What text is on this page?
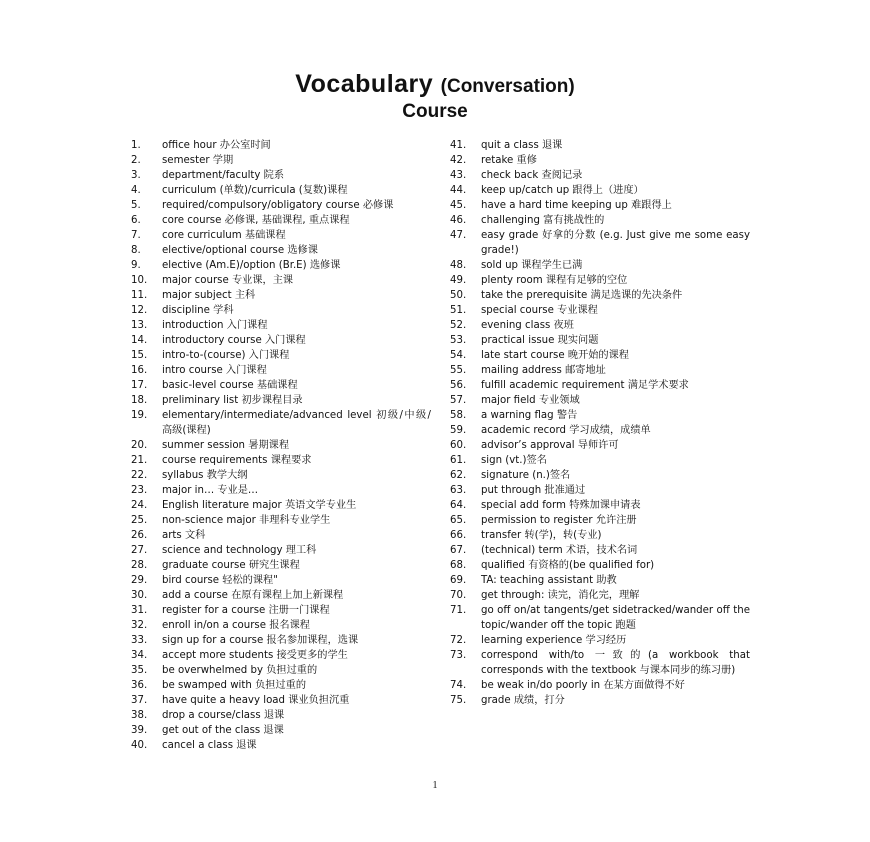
Vocabulary (Conversation)
Course
1. office hour 办公室时间
2. semester 学期
3. department/faculty 院系
4. curriculum (单数)/curricula (复数)课程
5. required/compulsory/obligatory course 必修课
6. core course 必修课, 基础课程, 重点课程
7. core curriculum 基础课程
8. elective/optional course 选修课
9. elective (Am.E)/option (Br.E) 选修课
10. major course 专业课，主课
11. major subject 主科
12. discipline 学科
13. introduction 入门课程
14. introductory course 入门课程
15. intro-to-(course) 入门课程
16. intro course 入门课程
17. basic-level course 基础课程
18. preliminary list 初步课程目录
19. elementary/intermediate/advanced level 初级/中级/高级(课程)
20. summer session 暑期课程
21. course requirements 课程要求
22. syllabus 教学大纲
23. major in… 专业是…
24. English literature major 英语文学专业生
25. non-science major 非理科专业学生
26. arts 文科
27. science and technology 理工科
28. graduate course 研究生课程
29. bird course 轻松的课程"
30. add a course 在原有课程上加上新课程
31. register for a course 注册一门课程
32. enroll in/on a course 报名课程
33. sign up for a course 报名参加课程，选课
34. accept more students 接受更多的学生
35. be overwhelmed by 负担过重的
36. be swamped with 负担过重的
37. have quite a heavy load 课业负担沉重
38. drop a course/class 退课
39. get out of the class 退课
40. cancel a class 退课
41. quit a class 退课
42. retake 重修
43. check back 查阅记录
44. keep up/catch up 跟得上（进度）
45. have a hard time keeping up 难跟得上
46. challenging 富有挑战性的
47. easy grade 好拿的分数 (e.g. Just give me some easy grade!)
48. sold up 课程学生已满
49. plenty room 课程有足够的空位
50. take the prerequisite 满足选课的先决条件
51. special course 专业课程
52. evening class 夜班
53. practical issue 现实问题
54. late start course 晚开始的课程
55. mailing address 邮寄地址
56. fulfill academic requirement 满足学术要求
57. major field 专业领域
58. a warning flag 警告
59. academic record 学习成绩，成绩单
60. advisor’s approval 导师许可
61. sign (vt.)签名
62. signature (n.)签名
63. put through 批准通过
64. special add form 特殊加课申请表
65. permission to register 允许注册
66. transfer 转(学)，转(专业)
67. (technical) term 术语，技术名词
68. qualified 有资格的(be qualified for)
69. TA: teaching assistant 助教
70. get through: 读完，消化完，理解
71. go off on/at tangents/get sidetracked/wander off the topic/wander off the topic 跑题
72. learning experience 学习经历
73. correspond with/to 一致的(a workbook that corresponds with the textbook 与课本同步的练习册)
74. be weak in/do poorly in 在某方面做得不好
75. grade 成绩，打分
1
